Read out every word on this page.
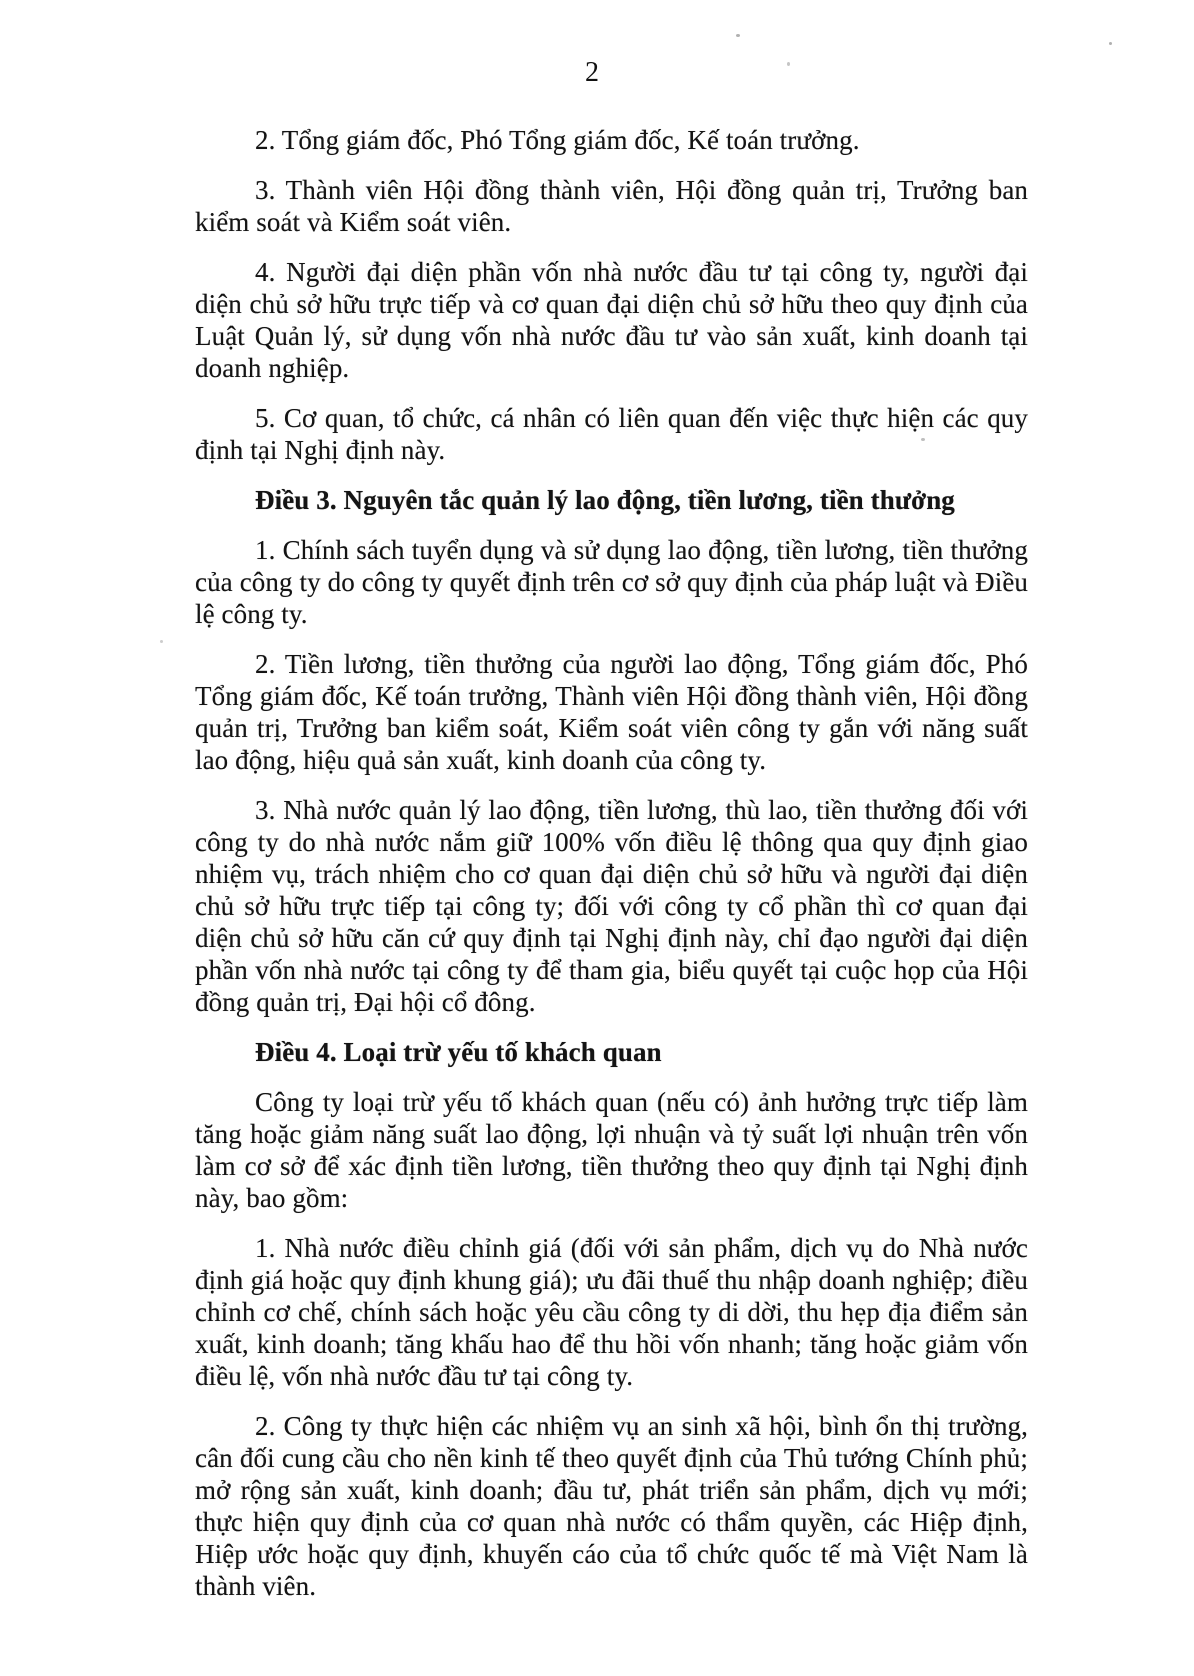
2

2. Tổng giám đốc, Phó Tổng giám đốc, Kế toán trưởng.

3. Thành viên Hội đồng thành viên, Hội đồng quản trị, Trưởng ban kiểm soát và Kiểm soát viên.

4. Người đại diện phần vốn nhà nước đầu tư tại công ty, người đại diện chủ sở hữu trực tiếp và cơ quan đại diện chủ sở hữu theo quy định của Luật Quản lý, sử dụng vốn nhà nước đầu tư vào sản xuất, kinh doanh tại doanh nghiệp.

5. Cơ quan, tổ chức, cá nhân có liên quan đến việc thực hiện các quy định tại Nghị định này.

Điều 3. Nguyên tắc quản lý lao động, tiền lương, tiền thưởng

1. Chính sách tuyển dụng và sử dụng lao động, tiền lương, tiền thưởng của công ty do công ty quyết định trên cơ sở quy định của pháp luật và Điều lệ công ty.

2. Tiền lương, tiền thưởng của người lao động, Tổng giám đốc, Phó Tổng giám đốc, Kế toán trưởng, Thành viên Hội đồng thành viên, Hội đồng quản trị, Trưởng ban kiểm soát, Kiểm soát viên công ty gắn với năng suất lao động, hiệu quả sản xuất, kinh doanh của công ty.

3. Nhà nước quản lý lao động, tiền lương, thù lao, tiền thưởng đối với công ty do nhà nước nắm giữ 100% vốn điều lệ thông qua quy định giao nhiệm vụ, trách nhiệm cho cơ quan đại diện chủ sở hữu và người đại diện chủ sở hữu trực tiếp tại công ty; đối với công ty cổ phần thì cơ quan đại diện chủ sở hữu căn cứ quy định tại Nghị định này, chỉ đạo người đại diện phần vốn nhà nước tại công ty để tham gia, biểu quyết tại cuộc họp của Hội đồng quản trị, Đại hội cổ đông.

Điều 4. Loại trừ yếu tố khách quan

Công ty loại trừ yếu tố khách quan (nếu có) ảnh hưởng trực tiếp làm tăng hoặc giảm năng suất lao động, lợi nhuận và tỷ suất lợi nhuận trên vốn làm cơ sở để xác định tiền lương, tiền thưởng theo quy định tại Nghị định này, bao gồm:

1. Nhà nước điều chỉnh giá (đối với sản phẩm, dịch vụ do Nhà nước định giá hoặc quy định khung giá); ưu đãi thuế thu nhập doanh nghiệp; điều chỉnh cơ chế, chính sách hoặc yêu cầu công ty di dời, thu hẹp địa điểm sản xuất, kinh doanh; tăng khấu hao để thu hồi vốn nhanh; tăng hoặc giảm vốn điều lệ, vốn nhà nước đầu tư tại công ty.

2. Công ty thực hiện các nhiệm vụ an sinh xã hội, bình ổn thị trường, cân đối cung cầu cho nền kinh tế theo quyết định của Thủ tướng Chính phủ; mở rộng sản xuất, kinh doanh; đầu tư, phát triển sản phẩm, dịch vụ mới; thực hiện quy định của cơ quan nhà nước có thẩm quyền, các Hiệp định, Hiệp ước hoặc quy định, khuyến cáo của tổ chức quốc tế mà Việt Nam là thành viên.
